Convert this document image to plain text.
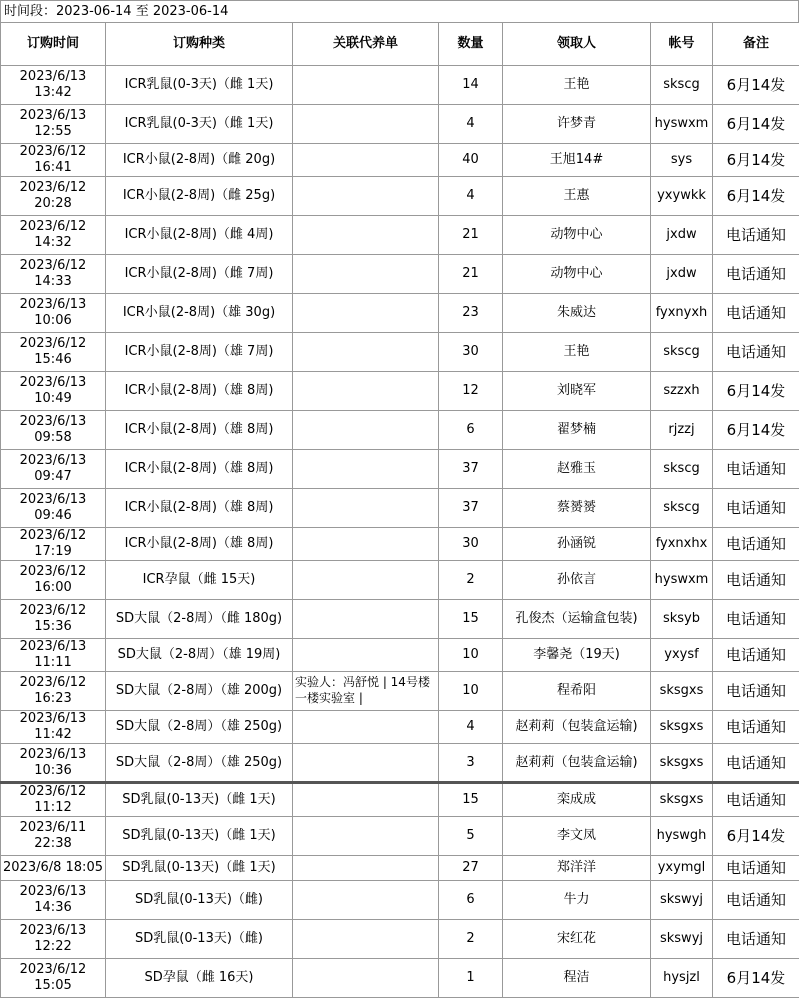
时间段：2023-06-14 至 2023-06-14
订购时间	订购种类	关联代养单	数量	领取人	帐号	备注
2023/6/13 13:42	ICR乳鼠(0-3天)（雌 1天)		14	王艳	skscg	6月14发
2023/6/13 12:55	ICR乳鼠(0-3天)（雌 1天)		4	许梦青	hyswxm	6月14发
2023/6/12 16:41	ICR小鼠(2-8周)（雌 20g)		40	王旭14#	sys	6月14发
2023/6/12 20:28	ICR小鼠(2-8周)（雌 25g)		4	王惠	yxywkk	6月14发
2023/6/12 14:32	ICR小鼠(2-8周)（雌 4周)		21	动物中心	jxdw	电话通知
2023/6/12 14:33	ICR小鼠(2-8周)（雌 7周)		21	动物中心	jxdw	电话通知
2023/6/13 10:06	ICR小鼠(2-8周)（雄 30g)		23	朱威达	fyxnyxh	电话通知
2023/6/12 15:46	ICR小鼠(2-8周)（雄 7周)		30	王艳	skscg	电话通知
2023/6/13 10:49	ICR小鼠(2-8周)（雄 8周)		12	刘晓军	szzxh	6月14发
2023/6/13 09:58	ICR小鼠(2-8周)（雄 8周)		6	翟梦楠	rjzzj	6月14发
2023/6/13 09:47	ICR小鼠(2-8周)（雄 8周)		37	赵雅玉	skscg	电话通知
2023/6/13 09:46	ICR小鼠(2-8周)（雄 8周)		37	蔡赟赟	skscg	电话通知
2023/6/12 17:19	ICR小鼠(2-8周)（雄 8周)		30	孙涵锐	fyxnxhx	电话通知
2023/6/12 16:00	ICR孕鼠（雌 15天)		2	孙依言	hyswxm	电话通知
2023/6/12 15:36	SD大鼠（2-8周）（雌 180g)		15	孔俊杰（运输盒包装)	sksyb	电话通知
2023/6/13 11:11	SD大鼠（2-8周）（雄 19周)		10	李馨尧（19天)	yxysf	电话通知
2023/6/12 16:23	SD大鼠（2-8周）（雄 200g)	实验人：冯舒悦 | 14号楼一楼实验室 |	10	程希阳	sksgxs	电话通知
2023/6/13 11:42	SD大鼠（2-8周）（雄 250g)		4	赵莉莉（包装盒运输)	sksgxs	电话通知
2023/6/13 10:36	SD大鼠（2-8周）（雄 250g)		3	赵莉莉（包装盒运输)	sksgxs	电话通知
2023/6/12 11:12	SD乳鼠(0-13天)（雌 1天)		15	栾成成	sksgxs	电话通知
2023/6/11 22:38	SD乳鼠(0-13天)（雌 1天)		5	李文凤	hyswgh	6月14发
2023/6/8 18:05	SD乳鼠(0-13天)（雌 1天)		27	郑洋洋	yxymgl	电话通知
2023/6/13 14:36	SD乳鼠(0-13天)（雌)		6	牛力	skswyj	电话通知
2023/6/13 12:22	SD乳鼠(0-13天)（雌)		2	宋红花	skswyj	电话通知
2023/6/12 15:05	SD孕鼠（雌 16天)		1	程洁	hysjzl	6月14发
